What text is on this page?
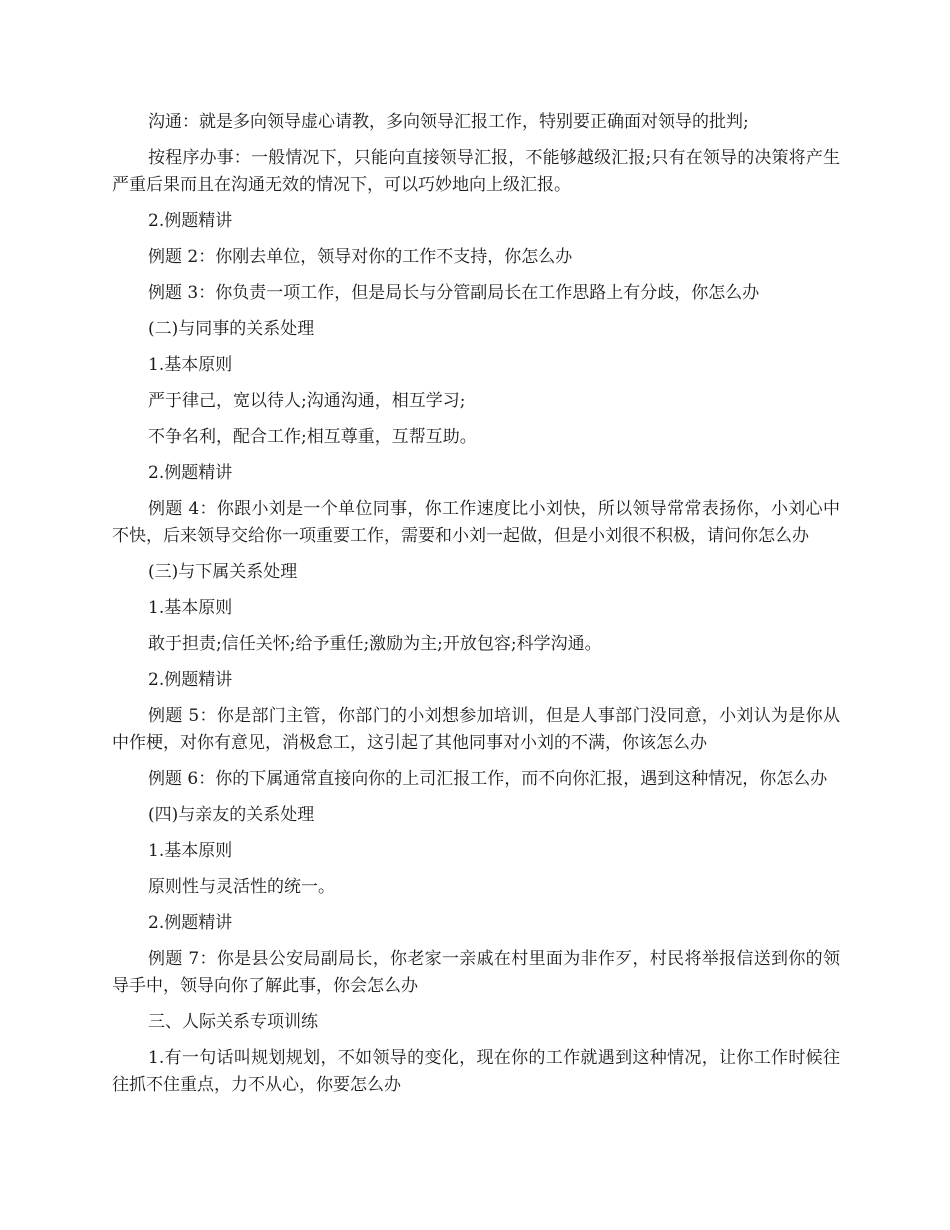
沟通：就是多向领导虚心请教，多向领导汇报工作，特别要正确面对领导的批判;

按程序办事：一般情况下，只能向直接领导汇报，不能够越级汇报;只有在领导的决策将产生严重后果而且在沟通无效的情况下，可以巧妙地向上级汇报。

2.例题精讲

例题 2：你刚去单位，领导对你的工作不支持，你怎么办

例题 3：你负责一项工作，但是局长与分管副局长在工作思路上有分歧，你怎么办

(二)与同事的关系处理

1.基本原则

严于律己，宽以待人;沟通沟通，相互学习;

不争名利，配合工作;相互尊重，互帮互助。

2.例题精讲

例题 4：你跟小刘是一个单位同事，你工作速度比小刘快，所以领导常常表扬你，小刘心中不快，后来领导交给你一项重要工作，需要和小刘一起做，但是小刘很不积极，请问你怎么办

(三)与下属关系处理

1.基本原则

敢于担责;信任关怀;给予重任;激励为主;开放包容;科学沟通。

2.例题精讲

例题 5：你是部门主管，你部门的小刘想参加培训，但是人事部门没同意，小刘认为是你从中作梗，对你有意见，消极怠工，这引起了其他同事对小刘的不满，你该怎么办

例题 6：你的下属通常直接向你的上司汇报工作，而不向你汇报，遇到这种情况，你怎么办

(四)与亲友的关系处理

1.基本原则

原则性与灵活性的统一。

2.例题精讲

例题 7：你是县公安局副局长，你老家一亲戚在村里面为非作歹，村民将举报信送到你的领导手中，领导向你了解此事，你会怎么办

三、人际关系专项训练

1.有一句话叫规划规划，不如领导的变化，现在你的工作就遇到这种情况，让你工作时候往往抓不住重点，力不从心，你要怎么办
